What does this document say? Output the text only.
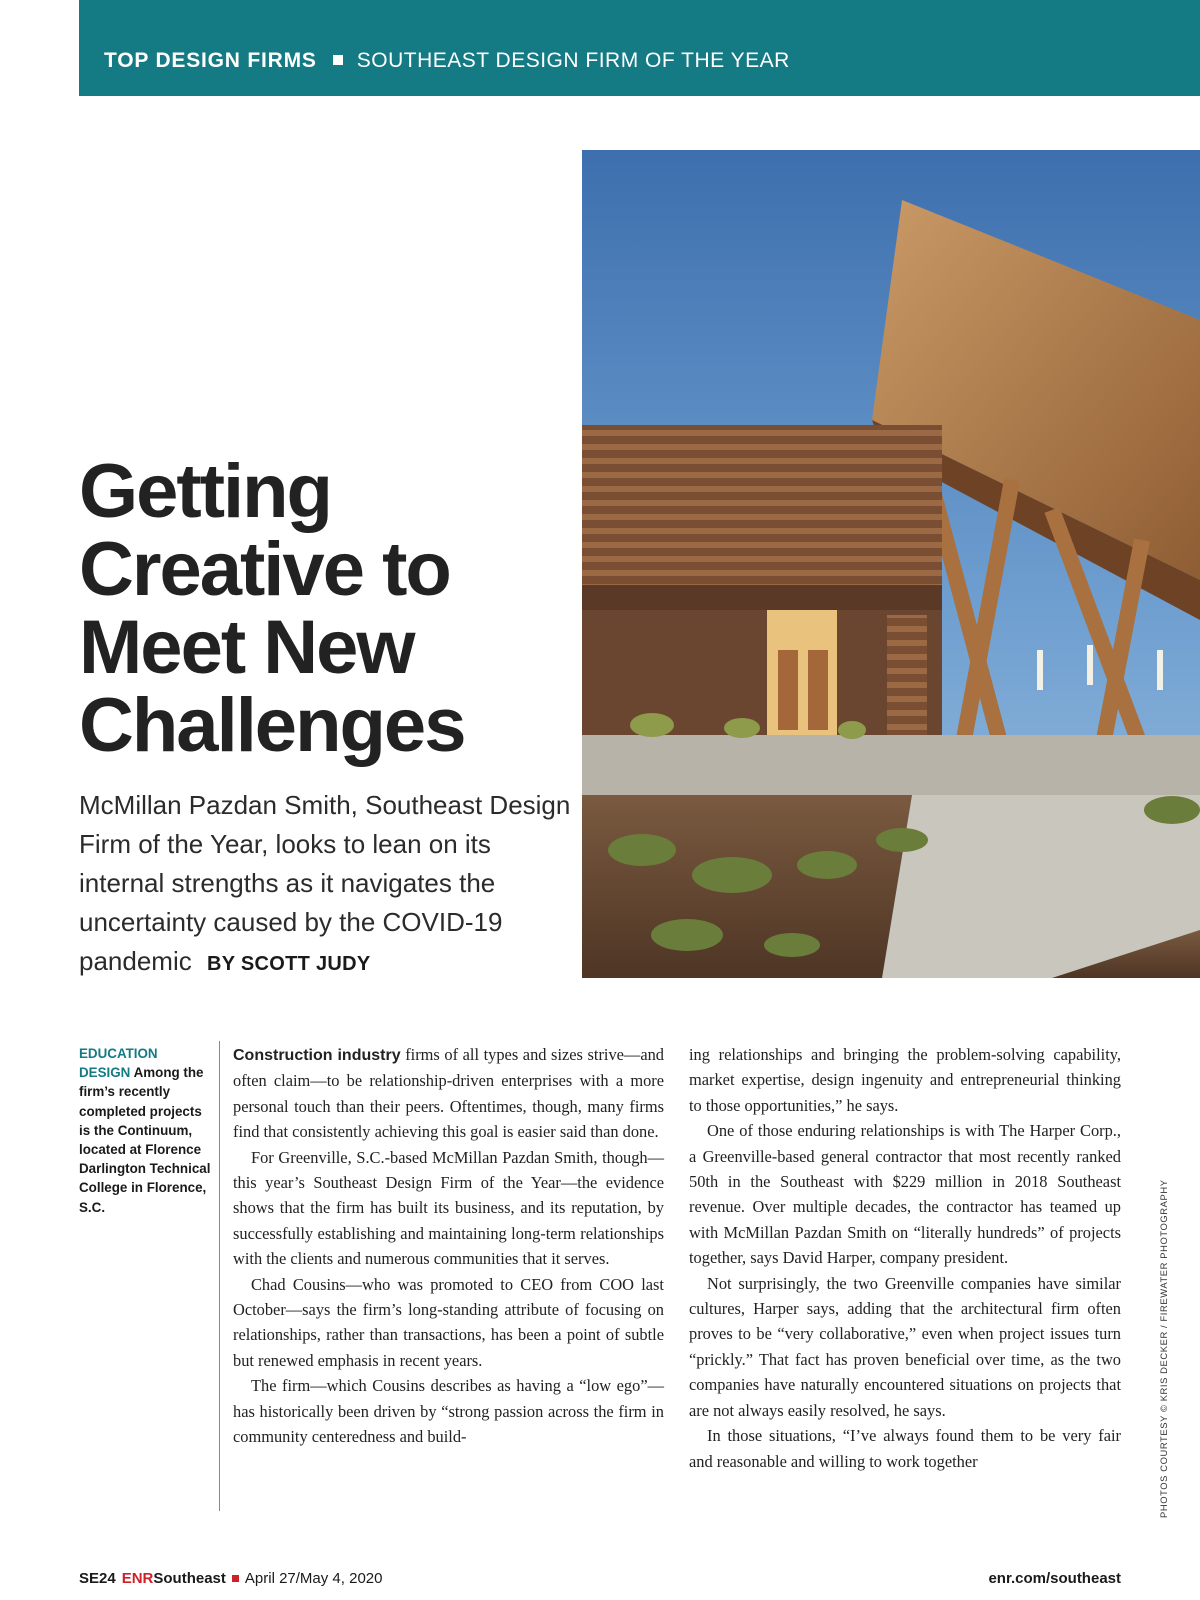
TOP DESIGN FIRMS SOUTHEAST DESIGN FIRM OF THE YEAR
Getting
Creative to
Meet New
Challenges

McMillan Pazdan Smith, Southeast Design Firm of the Year, looks to lean on its internal strengths as it navigates the uncertainty caused by the COVID-19 pandemic BY SCOTT JUDY

EDUCATION DESIGN Among the firm’s recently completed projects is the Continuum, located at Florence Darlington Technical College in Florence, S.C.

Construction industry firms of all types and sizes strive—and often claim—to be relationship-driven enterprises with a more personal touch than their peers. Oftentimes, though, many firms find that consistently achieving this goal is easier said than done.

For Greenville, S.C.-based McMillan Pazdan Smith, though—this year’s Southeast Design Firm of the Year—the evidence shows that the firm has built its business, and its reputation, by successfully establishing and maintaining long-term relationships with the clients and numerous communities that it serves.

Chad Cousins—who was promoted to CEO from COO last October—says the firm’s long-standing attribute of focusing on relationships, rather than transactions, has been a point of subtle but renewed emphasis in recent years.

The firm—which Cousins describes as having a “low ego”—has historically been driven by “strong passion across the firm in community centeredness and build-

ing relationships and bringing the problem-solving capability, market expertise, design ingenuity and entrepreneurial thinking to those opportunities,” he says.

One of those enduring relationships is with The Harper Corp., a Greenville-based general contractor that most recently ranked 50th in the Southeast with $229 million in 2018 Southeast revenue. Over multiple decades, the contractor has teamed up with McMillan Pazdan Smith on “literally hundreds” of projects together, says David Harper, company president.

Not surprisingly, the two Greenville companies have similar cultures, Harper says, adding that the architectural firm often proves to be “very collaborative,” even when project issues turn “prickly.” That fact has proven beneficial over time, as the two companies have naturally encountered situations on projects that are not always easily resolved, he says.

In those situations, “I’ve always found them to be very fair and reasonable and willing to work together	PHOTOS COURTESY © KRIS DECKER / FIREWATER PHOTOGRAPHY
SE24 ENRSoutheast April 27/May 4, 2020	enr.com/southeast
